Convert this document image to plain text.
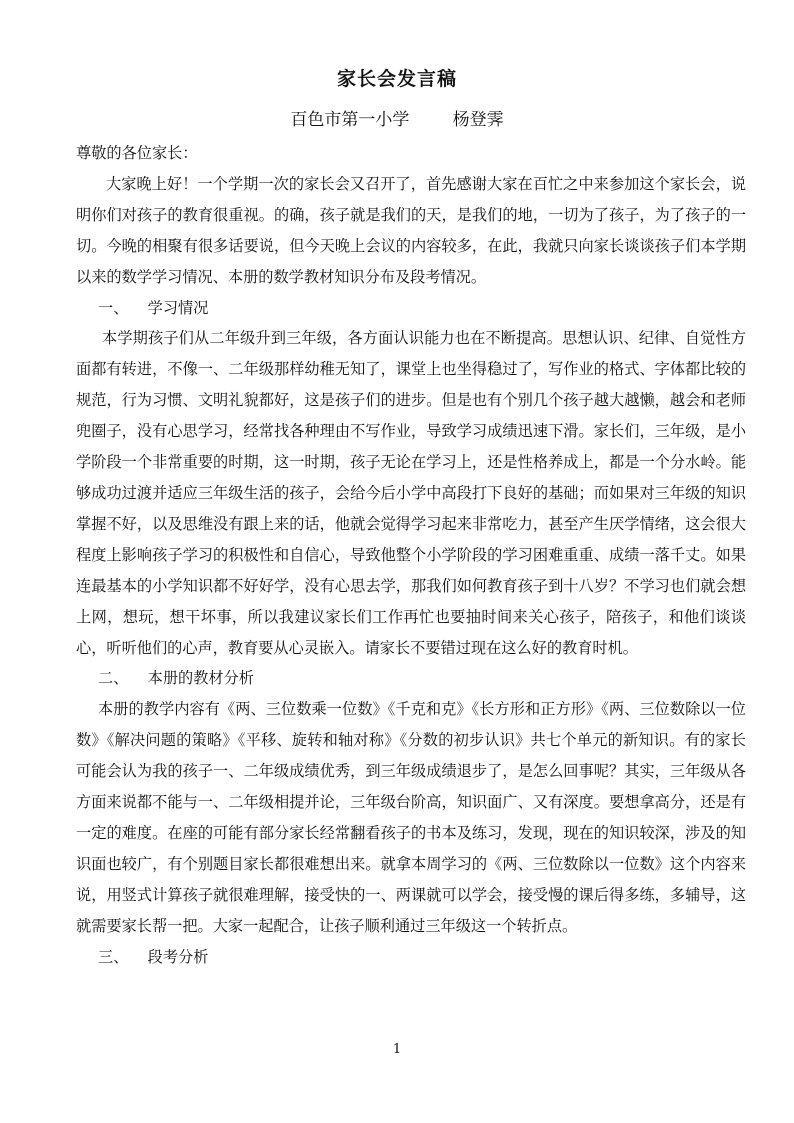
家长会发言稿
百色市第一小学        杨登霁

尊敬的各位家长：

大家晚上好！一个学期一次的家长会又召开了，首先感谢大家在百忙之中来参加这个家长会，说明你们对孩子的教育很重视。的确，孩子就是我们的天，是我们的地，一切为了孩子，为了孩子的一切。今晚的相聚有很多话要说，但今天晚上会议的内容较多，在此，我就只向家长谈谈孩子们本学期以来的数学学习情况、本册的数学教材知识分布及段考情况。

一、    学习情况

本学期孩子们从二年级升到三年级，各方面认识能力也在不断提高。思想认识、纪律、自觉性方面都有转进，不像一、二年级那样幼稚无知了，课堂上也坐得稳过了，写作业的格式、字体都比较的规范，行为习惯、文明礼貌都好，这是孩子们的进步。但是也有个别几个孩子越大越懒，越会和老师兜圈子，没有心思学习，经常找各种理由不写作业，导致学习成绩迅速下滑。家长们，三年级，是小学阶段一个非常重要的时期，这一时期，孩子无论在学习上，还是性格养成上，都是一个分水岭。能够成功过渡并适应三年级生活的孩子，会给今后小学中高段打下良好的基础；而如果对三年级的知识掌握不好，以及思维没有跟上来的话，他就会觉得学习起来非常吃力，甚至产生厌学情绪，这会很大程度上影响孩子学习的积极性和自信心，导致他整个小学阶段的学习困难重重、成绩一落千丈。如果连最基本的小学知识都不好好学，没有心思去学，那我们如何教育孩子到十八岁？不学习也们就会想上网，想玩，想干坏事，所以我建议家长们工作再忙也要抽时间来关心孩子，陪孩子，和他们谈谈心，听听他们的心声，教育要从心灵嵌入。请家长不要错过现在这么好的教育时机。

二、    本册的教材分析

本册的教学内容有《两、三位数乘一位数》《千克和克》《长方形和正方形》《两、三位数除以一位数》《解决问题的策略》《平移、旋转和轴对称》《分数的初步认识》共七个单元的新知识。有的家长可能会认为我的孩子一、二年级成绩优秀，到三年级成绩退步了，是怎么回事呢？其实，三年级从各方面来说都不能与一、二年级相提并论，三年级台阶高，知识面广、又有深度。要想拿高分，还是有一定的难度。在座的可能有部分家长经常翻看孩子的书本及练习，发现，现在的知识较深，涉及的知识面也较广，有个别题目家长都很难想出来。就拿本周学习的《两、三位数除以一位数》这个内容来说，用竖式计算孩子就很难理解，接受快的一、两课就可以学会，接受慢的课后得多练，多辅导，这就需要家长帮一把。大家一起配合，让孩子顺利通过三年级这一个转折点。

三、    段考分析

1
